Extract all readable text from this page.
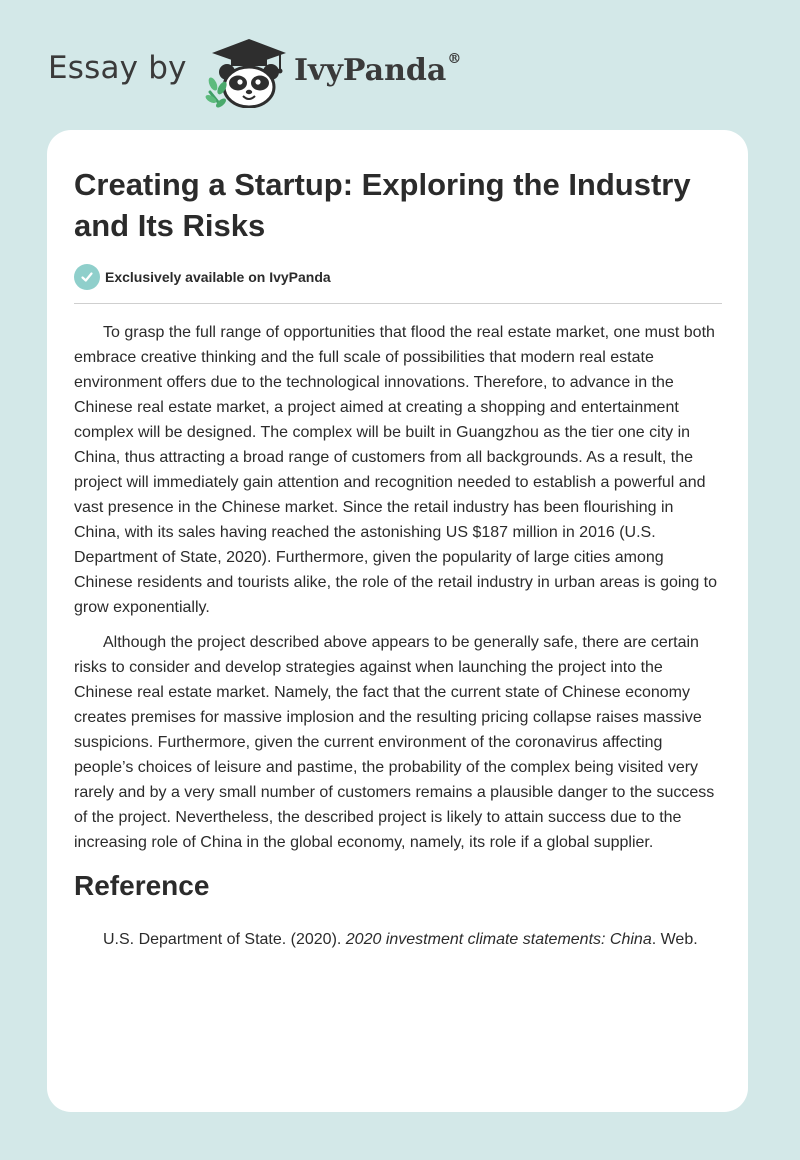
Essay by	IvyPanda®
Creating a Startup: Exploring the Industry and Its Risks
Exclusively available on IvyPanda

To grasp the full range of opportunities that flood the real estate market, one must both embrace creative thinking and the full scale of possibilities that modern real estate environment offers due to the technological innovations. Therefore, to advance in the Chinese real estate market, a project aimed at creating a shopping and entertainment complex will be designed. The complex will be built in Guangzhou as the tier one city in China, thus attracting a broad range of customers from all backgrounds. As a result, the project will immediately gain attention and recognition needed to establish a powerful and vast presence in the Chinese market. Since the retail industry has been flourishing in China, with its sales having reached the astonishing US $187 million in 2016 (U.S. Department of State, 2020). Furthermore, given the popularity of large cities among Chinese residents and tourists alike, the role of the retail industry in urban areas is going to grow exponentially.

Although the project described above appears to be generally safe, there are certain risks to consider and develop strategies against when launching the project into the Chinese real estate market. Namely, the fact that the current state of Chinese economy creates premises for massive implosion and the resulting pricing collapse raises massive suspicions. Furthermore, given the current environment of the coronavirus affecting people’s choices of leisure and pastime, the probability of the complex being visited very rarely and by a very small number of customers remains a plausible danger to the success of the project. Nevertheless, the described project is likely to attain success due to the increasing role of China in the global economy, namely, its role if a global supplier.

Reference

U.S. Department of State. (2020). 2020 investment climate statements: China. Web.
